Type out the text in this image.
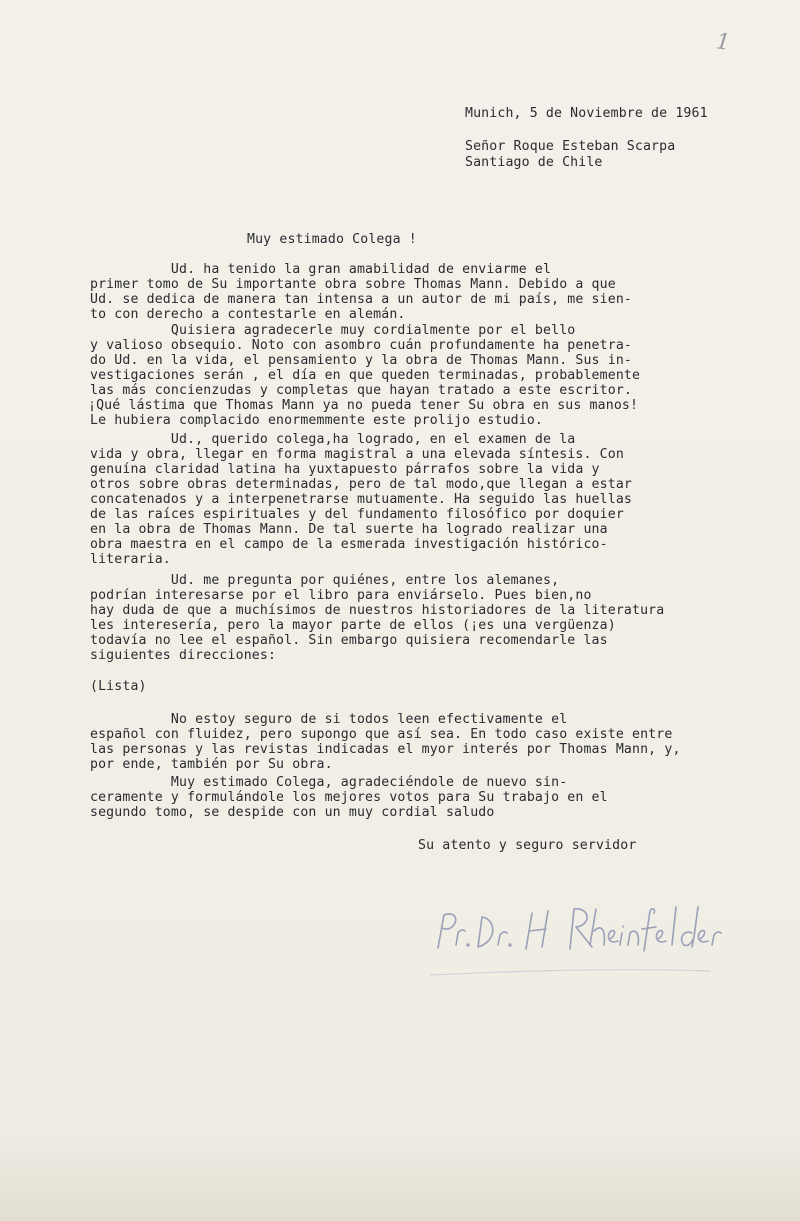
1
Munich, 5 de Noviembre de 1961
Señor Roque Esteban Scarpa
Santiago de Chile
Muy estimado Colega !
Ud. ha tenido la gran amabilidad de enviarme el
primer tomo de Su importante obra sobre Thomas Mann. Debido a que
Ud. se dedica de manera tan intensa a un autor de mi país, me sien-
to con derecho a contestarle en alemán.
Quisiera agradecerle muy cordialmente por el bello
y valioso obsequio. Noto con asombro cuán profundamente ha penetra-
do Ud. en la vida, el pensamiento y la obra de Thomas Mann. Sus in-
vestigaciones serán , el día en que queden terminadas, probablemente
las más concienzudas y completas que hayan tratado a este escritor.
¡Qué lástima que Thomas Mann ya no pueda tener Su obra en sus manos!
Le hubiera complacido enormemmente este prolijo estudio.
Ud., querido colega,ha logrado, en el examen de la
vida y obra, llegar en forma magistral a una elevada síntesis. Con
genuína claridad latina ha yuxtapuesto párrafos sobre la vida y
otros sobre obras determinadas, pero de tal modo,que llegan a estar
concatenados y a interpenetrarse mutuamente. Ha seguido las huellas
de las raíces espirituales y del fundamento filosófico por doquier
en la obra de Thomas Mann. De tal suerte ha logrado realizar una
obra maestra en el campo de la esmerada investigación histórico-
literaria.
Ud. me pregunta por quiénes, entre los alemanes,
podrían interesarse por el libro para enviárselo. Pues bien,no
hay duda de que a muchísimos de nuestros historiadores de la literatura
les interesería, pero la mayor parte de ellos (¡es una vergüenza)
todavía no lee el español. Sin embargo quisiera recomendarle las
siguientes direcciones:
(Lista)
No estoy seguro de si todos leen efectivamente el
español con fluidez, pero supongo que así sea. En todo caso existe entre
las personas y las revistas indicadas el myor interés por Thomas Mann, y,
por ende, también por Su obra.
Muy estimado Colega, agradeciéndole de nuevo sin-
ceramente y formulándole los mejores votos para Su trabajo en el
segundo tomo, se despide con un muy cordial saludo
Su atento y seguro servidor
